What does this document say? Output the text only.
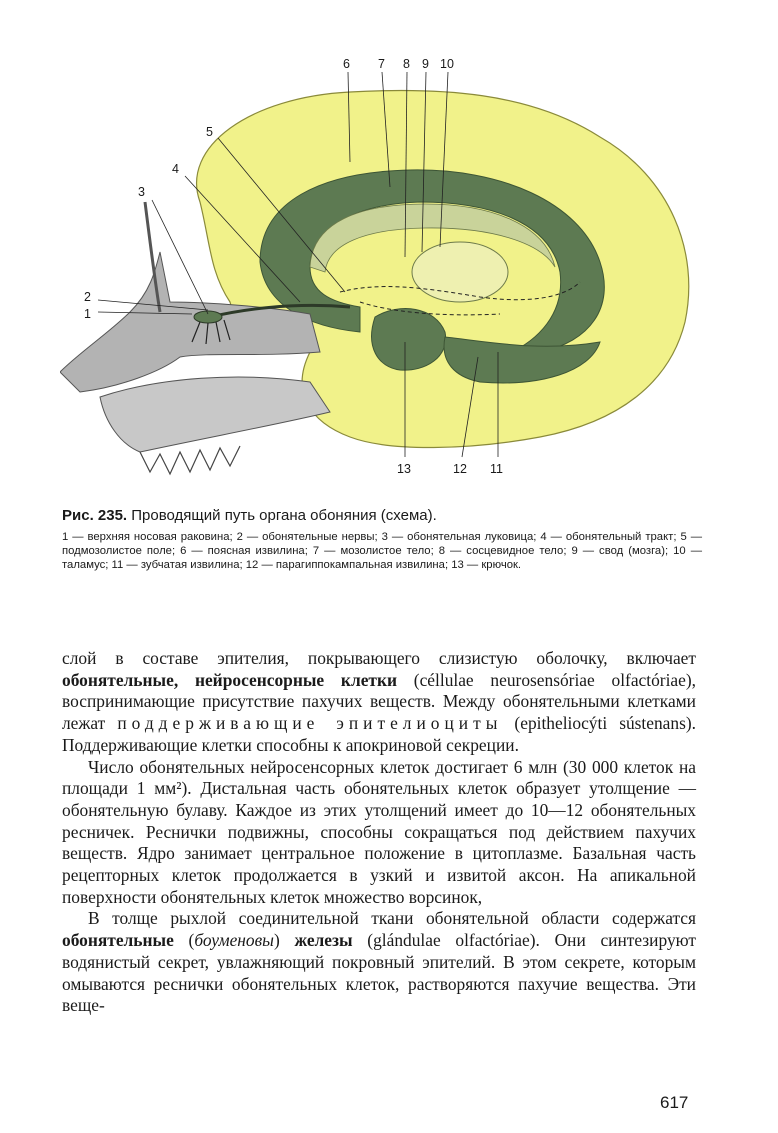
1
2
3
4
5
6 7 8 9 10
11
12
13

Рис. 235. Проводящий путь органа обоняния (схема).

1 — верхняя носовая раковина; 2 — обонятельные нервы; 3 — обонятельная луковица; 4 — обонятельный тракт; 5 — подмозолистое поле; 6 — поясная извилина; 7 — мозолистое тело; 8 — сосцевидное тело; 9 — свод (мозга); 10 — таламус; 11 — зубчатая извилина; 12 — парагиппокампальная извилина; 13 — крючок.

слой в составе эпителия, покрывающего слизистую оболочку, включает обонятельные, нейросенсорные клетки (céllulae neurosensóriae olfactóriae), воспринимающие присутствие пахучих веществ. Между обонятельными клетками лежат поддерживающие эпителиоциты (epitheliocýti sústenans). Поддерживающие клетки способны к апокриновой секреции.

Число обонятельных нейросенсорных клеток достигает 6 млн (30 000 клеток на площади 1 мм²). Дистальная часть обонятельных клеток образует утолщение — обонятельную булаву. Каждое из этих утолщений имеет до 10—12 обонятельных ресничек. Реснички подвижны, способны сокращаться под действием пахучих веществ. Ядро занимает центральное положение в цитоплазме. Базальная часть рецепторных клеток продолжается в узкий и извитой аксон. На апикальной поверхности обонятельных клеток множество ворсинок,

В толще рыхлой соединительной ткани обонятельной области содержатся обонятельные (боуменовы) железы (glándulae olfactóriae). Они синтезируют водянистый секрет, увлажняющий покровный эпителий. В этом секрете, которым омываются реснички обонятельных клеток, растворяются пахучие вещества. Эти веще-

617
